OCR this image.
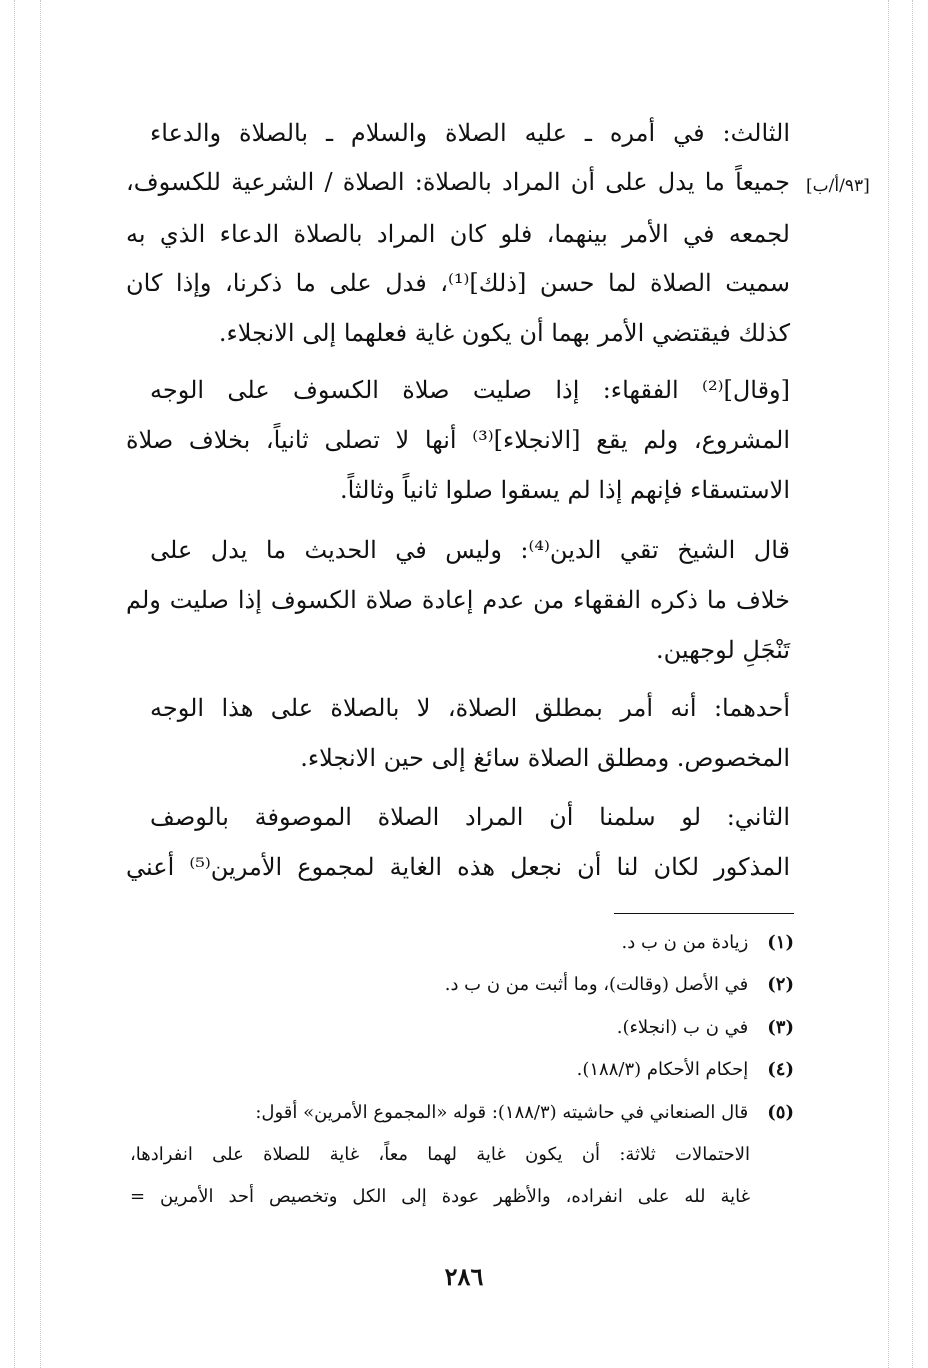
[٩٣/أ/ب]
الثالث: في أمره ـ عليه الصلاة والسلام ـ بالصلاة والدعاء
جميعاً ما يدل على أن المراد بالصلاة: الصلاة / الشرعية للكسوف،
لجمعه في الأمر بينهما، فلو كان المراد بالصلاة الدعاء الذي به
سميت الصلاة لما حسن [ذلك]⁽¹⁾، فدل على ما ذكرنا، وإذا كان
كذلك فيقتضي الأمر بهما أن يكون غاية فعلهما إلى الانجلاء.
[وقال]⁽²⁾ الفقهاء: إذا صليت صلاة الكسوف على الوجه
المشروع، ولم يقع [الانجلاء]⁽³⁾ أنها لا تصلى ثانياً، بخلاف صلاة
الاستسقاء فإنهم إذا لم يسقوا صلوا ثانياً وثالثاً.
قال الشيخ تقي الدين⁽⁴⁾: وليس في الحديث ما يدل على
خلاف ما ذكره الفقهاء من عدم إعادة صلاة الكسوف إذا صليت ولم
تَنْجَلِ لوجهين.
أحدهما: أنه أمر بمطلق الصلاة، لا بالصلاة على هذا الوجه
المخصوص. ومطلق الصلاة سائغ إلى حين الانجلاء.
الثاني: لو سلمنا أن المراد الصلاة الموصوفة بالوصف
المذكور لكان لنا أن نجعل هذه الغاية لمجموع الأمرين⁽⁵⁾ أعني
(١) زيادة من ن ب د.
(٢) في الأصل (وقالت)، وما أثبت من ن ب د.
(٣) في ن ب (انجلاء).
(٤) إحكام الأحكام (١٨٨/٣).
(٥) قال الصنعاني في حاشيته (١٨٨/٣): قوله «المجموع الأمرين» أقول:
الاحتمالات ثلاثة: أن يكون غاية لهما معاً، غاية للصلاة على انفرادها،
غاية لله على انفراده، والأظهر عودة إلى الكل وتخصيص أحد الأمرين =
٢٨٦
